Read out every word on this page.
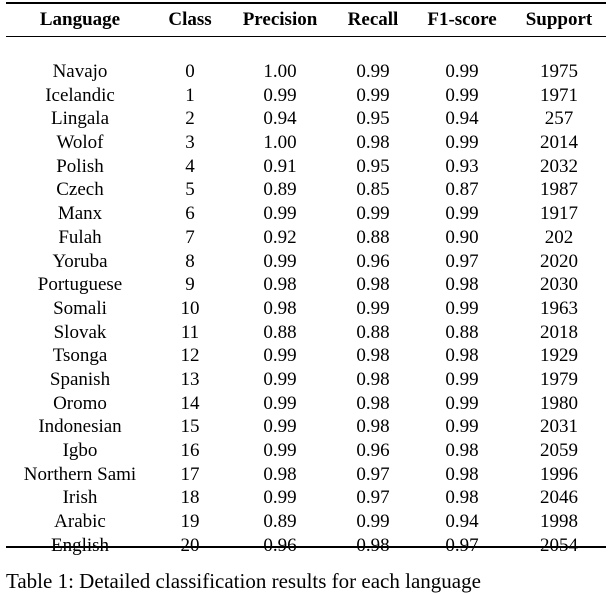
Language	Class	Precision	Recall	F1-score	Support

Navajo	0	1.00	0.99	0.99	1975
Icelandic	1	0.99	0.99	0.99	1971
Lingala	2	0.94	0.95	0.94	257
Wolof	3	1.00	0.98	0.99	2014
Polish	4	0.91	0.95	0.93	2032
Czech	5	0.89	0.85	0.87	1987
Manx	6	0.99	0.99	0.99	1917
Fulah	7	0.92	0.88	0.90	202
Yoruba	8	0.99	0.96	0.97	2020
Portuguese	9	0.98	0.98	0.98	2030
Somali	10	0.98	0.99	0.99	1963
Slovak	11	0.88	0.88	0.88	2018
Tsonga	12	0.99	0.98	0.98	1929
Spanish	13	0.99	0.98	0.99	1979
Oromo	14	0.99	0.98	0.99	1980
Indonesian	15	0.99	0.98	0.99	2031
Igbo	16	0.99	0.96	0.98	2059
Northern Sami	17	0.98	0.97	0.98	1996
Irish	18	0.99	0.97	0.98	2046
Arabic	19	0.89	0.99	0.94	1998
English	20	0.96	0.98	0.97	2054
Table 1: Detailed classification results for each language
